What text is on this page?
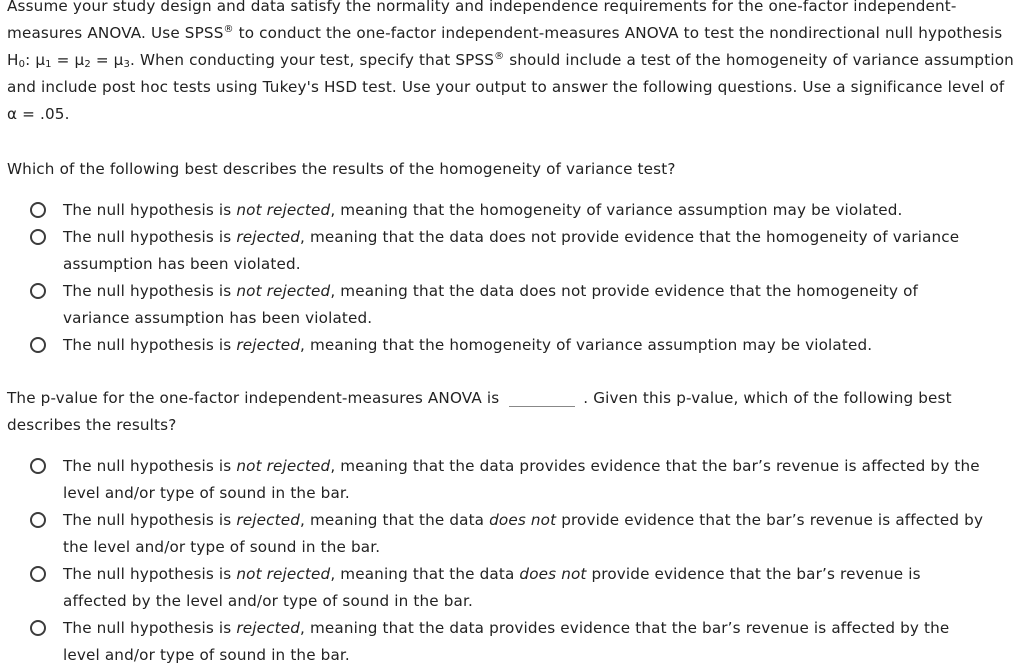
Assume your study design and data satisfy the normality and independence requirements for the one-factor independent-measures ANOVA. Use SPSS® to conduct the one-factor independent-measures ANOVA to test the nondirectional null hypothesis $H_0$: $\mu_1 = \mu_2 = \mu_3$. When conducting your test, specify that SPSS® should include a test of the homogeneity of variance assumption and include post hoc tests using Tukey's HSD test. Use your output to answer the following questions. Use a significance level of α = .05.

Which of the following best describes the results of the homogeneity of variance test?

The null hypothesis is not rejected, meaning that the homogeneity of variance assumption may be violated.
The null hypothesis is rejected, meaning that the data does not provide evidence that the homogeneity of variance assumption has been violated.
The null hypothesis is not rejected, meaning that the data does not provide evidence that the homogeneity of variance assumption has been violated.
The null hypothesis is rejected, meaning that the homogeneity of variance assumption may be violated.

The p-value for the one-factor independent-measures ANOVA is	. Given this p-value, which of the following best describes the results?

The null hypothesis is not rejected, meaning that the data provides evidence that the bar’s revenue is affected by the level and/or type of sound in the bar.
The null hypothesis is rejected, meaning that the data does not provide evidence that the bar’s revenue is affected by the level and/or type of sound in the bar.
The null hypothesis is not rejected, meaning that the data does not provide evidence that the bar’s revenue is affected by the level and/or type of sound in the bar.
The null hypothesis is rejected, meaning that the data provides evidence that the bar’s revenue is affected by the level and/or type of sound in the bar.
